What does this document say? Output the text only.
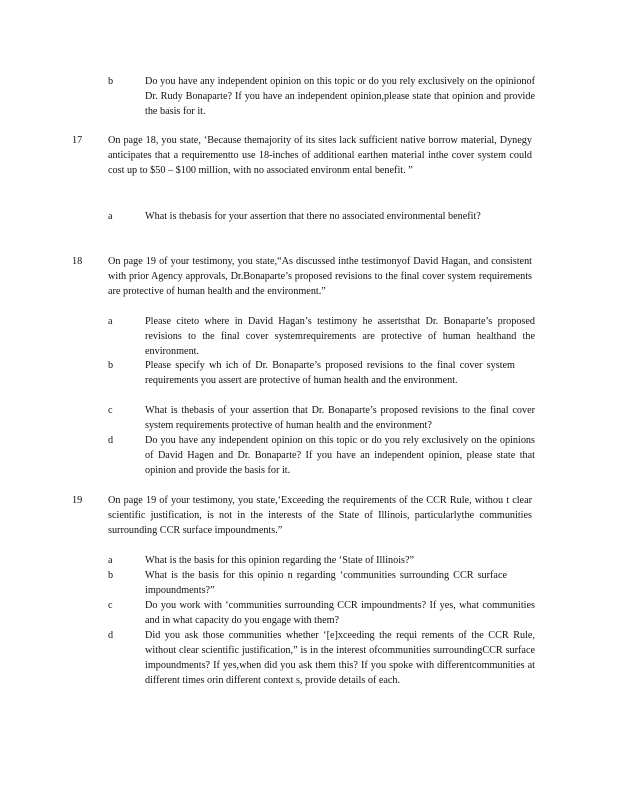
b	Do you have any independent opinion on this topic or do you rely exclusively on the opinionof Dr. Rudy Bonaparte? If you have an independent opinion,please state that opinion and provide the basis for it.
17	On page 18, you state, ‘Because themajority of its sites lack sufficient native borrow material, Dynegy anticipates that a requirementto use 18-inches of additional earthen material inthe cover system could cost up to $50 – $100 million, with no associated environm ental benefit. ”
a	What is thebasis for your assertion that there no associated environmental benefit?
18	On page 19 of your testimony, you state,“As discussed inthe testimonyof David Hagan, and consistent with prior Agency approvals, Dr.Bonaparte’s proposed revisions to the final cover system requirements are protective of human health and the environment.”
a	Please citeto where in David Hagan’s testimony he assertsthat Dr. Bonaparte’s proposed revisions to the final cover systemrequirements are protective of human healthand the environment.
b	Please specify wh ich of Dr. Bonaparte’s proposed revisions to the final cover system requirements you assert are protective of human health and the environment.
c	What is thebasis of your assertion that Dr. Bonaparte’s proposed revisions to the final cover system requirements protective of human health and the environment?
d	Do you have any independent opinion on this topic or do you rely exclusively on the opinions of David Hagen and Dr. Bonaparte? If you have an independent opinion, please state that opinion and provide the basis for it.
19	On page 19 of your testimony, you state,‘Exceeding the requirements of the CCR Rule, withou t clear scientific justification, is not in the interests of the State of Illinois, particularlythe communities surrounding CCR surface impoundments.”
a	What is the basis for this opinion regarding the ‘State of Illinois?”
b	What is the basis for this opinio n regarding ‘communities surrounding CCR surface impoundments?”
c	Do you work with ‘communities surrounding CCR impoundments? If yes, what communities and in what capacity do you engage with them?
d	Did you ask those communities whether ‘[e]xceeding the requi rements of the CCR Rule, without clear scientific justification,” is in the interest ofcommunities surroundingCCR surface impoundments? If yes,when did you ask them this? If you spoke with differentcommunities at different times orin different context s, provide details of each.
